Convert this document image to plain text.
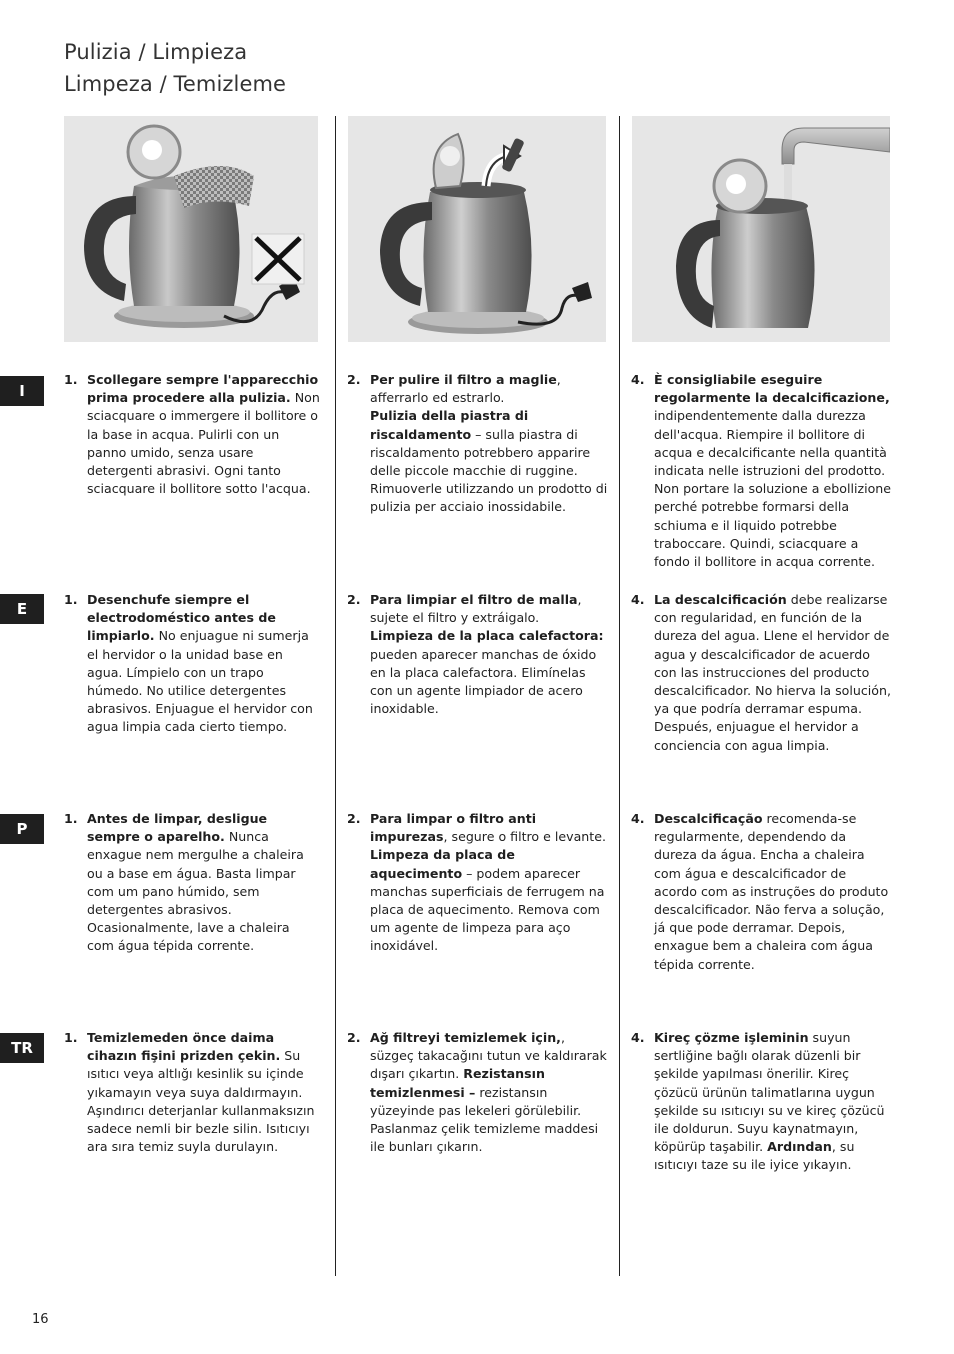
Pulizia / Limpieza
Limpeza / Temizleme
I
E
P
TR
1. Scollegare sempre l'apparecchio prima procedere alla pulizia. Non sciacquare o immergere il bollitore o la base in acqua. Pulirli con un panno umido, senza usare detergenti abrasivi. Ogni tanto sciacquare il bollitore sotto l'acqua.
2. Per pulire il filtro a maglie, afferrarlo ed estrarlo.
Pulizia della piastra di riscaldamento – sulla piastra di riscaldamento potrebbero apparire delle piccole macchie di ruggine. Rimuoverle utilizzando un prodotto di pulizia per acciaio inossidabile.
4. È consigliabile eseguire regolarmente la decalcificazione, indipendentemente dalla durezza dell'acqua. Riempire il bollitore di acqua e decalcificante nella quantità indicata nelle istruzioni del prodotto. Non portare la soluzione a ebollizione perché potrebbe formarsi della schiuma e il liquido potrebbe traboccare. Quindi, sciacquare a fondo il bollitore in acqua corrente.
1. Desenchufe siempre el electrodoméstico antes de limpiarlo. No enjuague ni sumerja el hervidor o la unidad base en agua. Límpielo con un trapo húmedo. No utilice detergentes abrasivos. Enjuague el hervidor con agua limpia cada cierto tiempo.
2. Para limpiar el filtro de malla, sujete el filtro y extráigalo.
Limpieza de la placa calefactora: pueden aparecer manchas de óxido en la placa calefactora. Elimínelas con un agente limpiador de acero inoxidable.
4. La descalcificación debe realizarse con regularidad, en función de la dureza del agua. Llene el hervidor de agua y descalcificador de acuerdo con las instrucciones del producto descalcificador. No hierva la solución, ya que podría derramar espuma. Después, enjuague el hervidor a conciencia con agua limpia.
1. Antes de limpar, desligue sempre o aparelho. Nunca enxague nem mergulhe a chaleira ou a base em água. Basta limpar com um pano húmido, sem detergentes abrasivos. Ocasionalmente, lave a chaleira com água tépida corrente.
2. Para limpar o filtro anti impurezas, segure o filtro e levante.
Limpeza da placa de aquecimento – podem aparecer manchas superficiais de ferrugem na placa de aquecimento. Remova com um agente de limpeza para aço inoxidável.
4. Descalcificação recomenda-se regularmente, dependendo da dureza da água. Encha a chaleira com água e descalcificador de acordo com as instruções do produto descalcificador. Não ferva a solução, já que pode derramar. Depois, enxague bem a chaleira com água tépida corrente.
1. Temizlemeden önce daima cihazın fişini prizden çekin. Su ısıtıcı veya altlığı kesinlik su içinde yıkamayın veya suya daldırmayın. Aşındırıcı deterjanlar kullanmaksızın sadece nemli bir bezle silin. Isıtıcıyı ara sıra temiz suyla durulayın.
2. Ağ filtreyi temizlemek için,, süzgeç takacağını tutun ve kaldırarak dışarı çıkartın. Rezistansın temizlenmesi – rezistansın yüzeyinde pas lekeleri görülebilir. Paslanmaz çelik temizleme maddesi ile bunları çıkarın.
4. Kireç çözme işleminin suyun sertliğine bağlı olarak düzenli bir şekilde yapılması önerilir. Kireç çözücü ürünün talimatlarına uygun şekilde su ısıtıcıyı su ve kireç çözücü ile doldurun. Suyu kaynatmayın, köpürüp taşabilir. Ardından, su ısıtıcıyı taze su ile iyice yıkayın.
16
